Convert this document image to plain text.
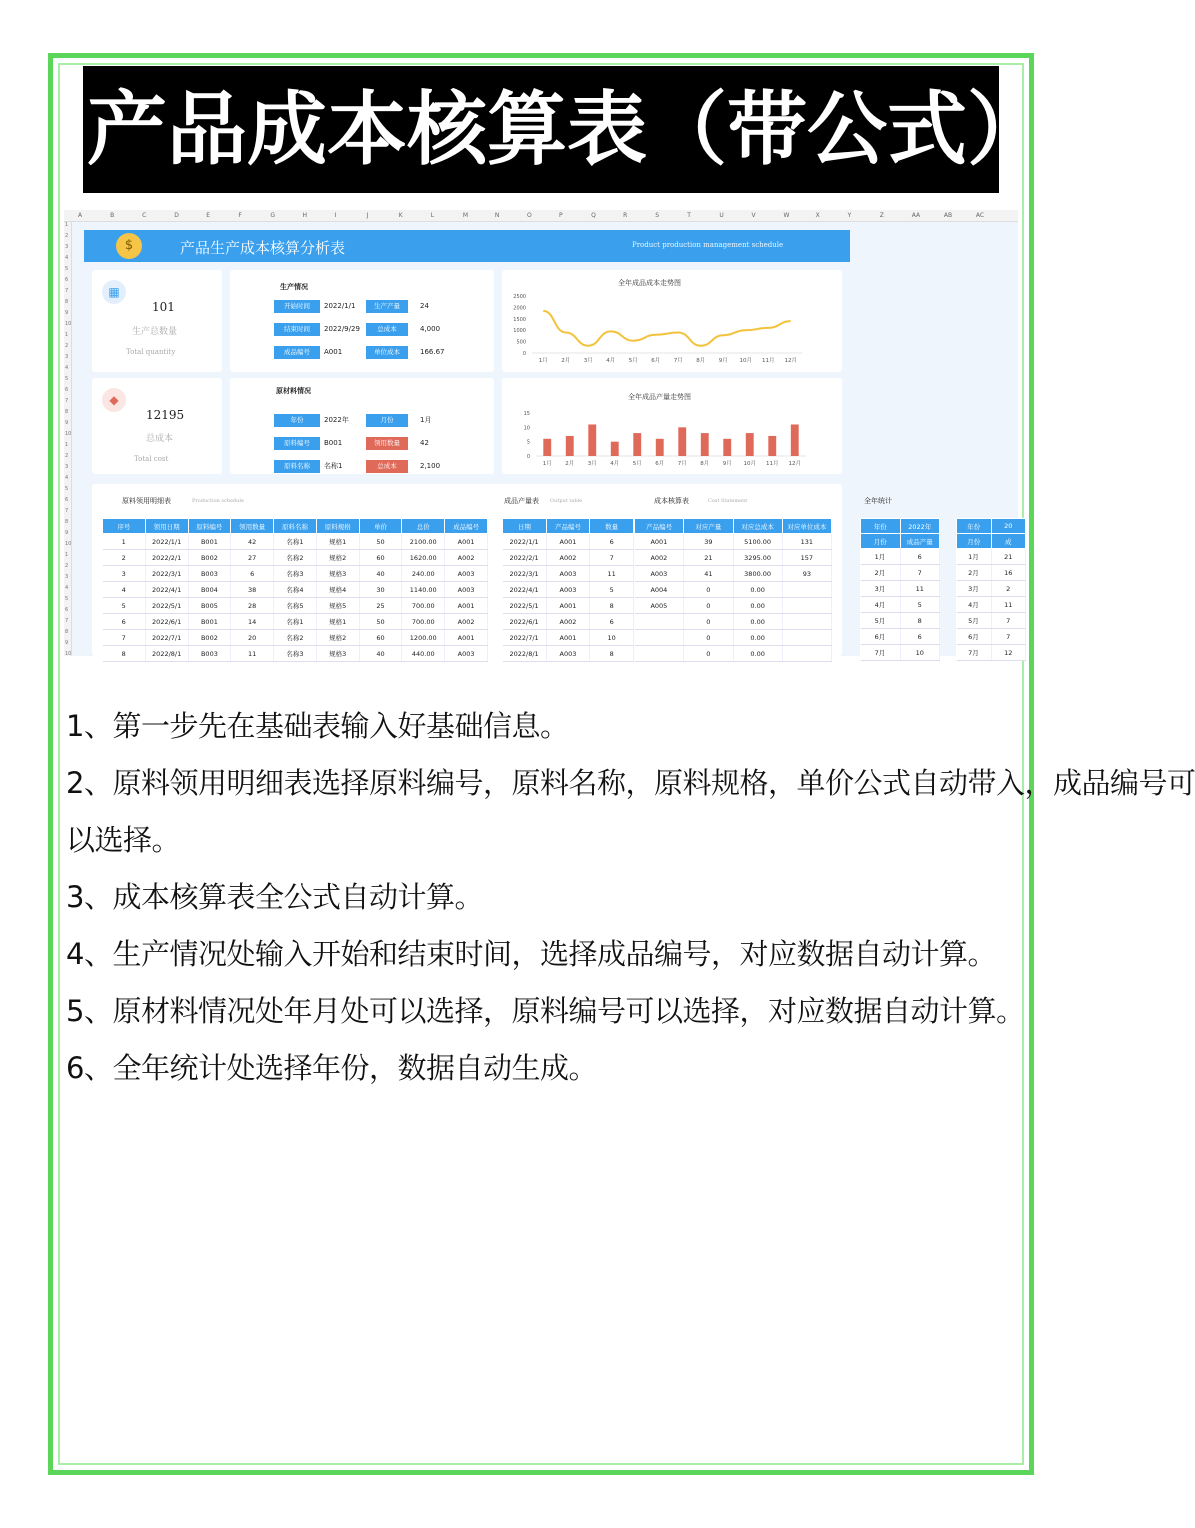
产品成本核算表（带公式）
A	B	C	D	E	F	G	H	I	J	K	L	M	N	O	P	Q	R	S	T	U	V	W	X	Y	Z	AA	AB	AC
1
2
3
4
5
6
7
8
9
10
1
2
3
4
5
6
7
8
9
10
1
2
3
4
5
6
7
8
9
10
1
2
3
4
5
6
7
8
9
10
$	产品生产成本核算分析表	Product production management schedule
▦
101
生产总数量
Total quantity
生产情况
开始时间	2022/1/1	生产产量	24
结束时间	2022/9/29	总成本	4,000
成品编号	A001	单位成本	166.67
全年成品成本走势图
2500
2000
1500
1000
500
0
1月 2月 3月 4月 5月 6月 7月 8月 9月 10月 11月 12月
◆
12195
总成本
Total cost
原材料情况
年份	2022年	月份	1月
原料编号	B001	领用数量	42
原料名称	名称1	总成本	2,100
全年成品产量走势图
15
10
5
0
1月 2月 3月 4月 5月 6月 7月 8月 9月 10月 11月 12月
原料领用明细表	Production schedule	成品产量表 Output table	成本核算表	Cost Statement	全年统计
序号	领用日期	原料编号	领用数量	原料名称	原料规格	单价	总价	成品编号
1	2022/1/1	B001	42	名称1	规格1	50	2100.00	A001
2	2022/2/1	B002	27	名称2	规格2	60	1620.00	A002
3	2022/3/1	B003	6	名称3	规格3	40	240.00	A003
4	2022/4/1	B004	38	名称4	规格4	30	1140.00	A003
5	2022/5/1	B005	28	名称5	规格5	25	700.00	A001
6	2022/6/1	B001	14	名称1	规格1	50	700.00	A002
7	2022/7/1	B002	20	名称2	规格2	60	1200.00	A001
8	2022/8/1	B003	11	名称3	规格3	40	440.00	A003
日期	产品编号	数量
2022/1/1	A001	6
2022/2/1	A002	7
2022/3/1	A003	11
2022/4/1	A003	5
2022/5/1	A001	8
2022/6/1	A002	6
2022/7/1	A001	10
2022/8/1	A003	8
产品编号	对应产量	对应总成本	对应单位成本
A001	39	5100.00	131
A002	21	3295.00	157
A003	41	3800.00	93
A004	0	0.00	
A005	0	0.00	
	0	0.00	
	0	0.00	
	0	0.00	
年份	2022年
月份	成品产量
1月	6
2月	7
3月	11
4月	5
5月	8
6月	6
7月	10
年份	20
月份	成
1月	21
2月	16
3月	2
4月	11
5月	7
6月	7
7月	12
1、第一步先在基础表输入好基础信息。
2、原料领用明细表选择原料编号，原料名称，原料规格，单价公式自动带入，成品编号可
以选择。
3、成本核算表全公式自动计算。
4、生产情况处输入开始和结束时间，选择成品编号，对应数据自动计算。
5、原材料情况处年月处可以选择，原料编号可以选择，对应数据自动计算。
6、全年统计处选择年份，数据自动生成。
